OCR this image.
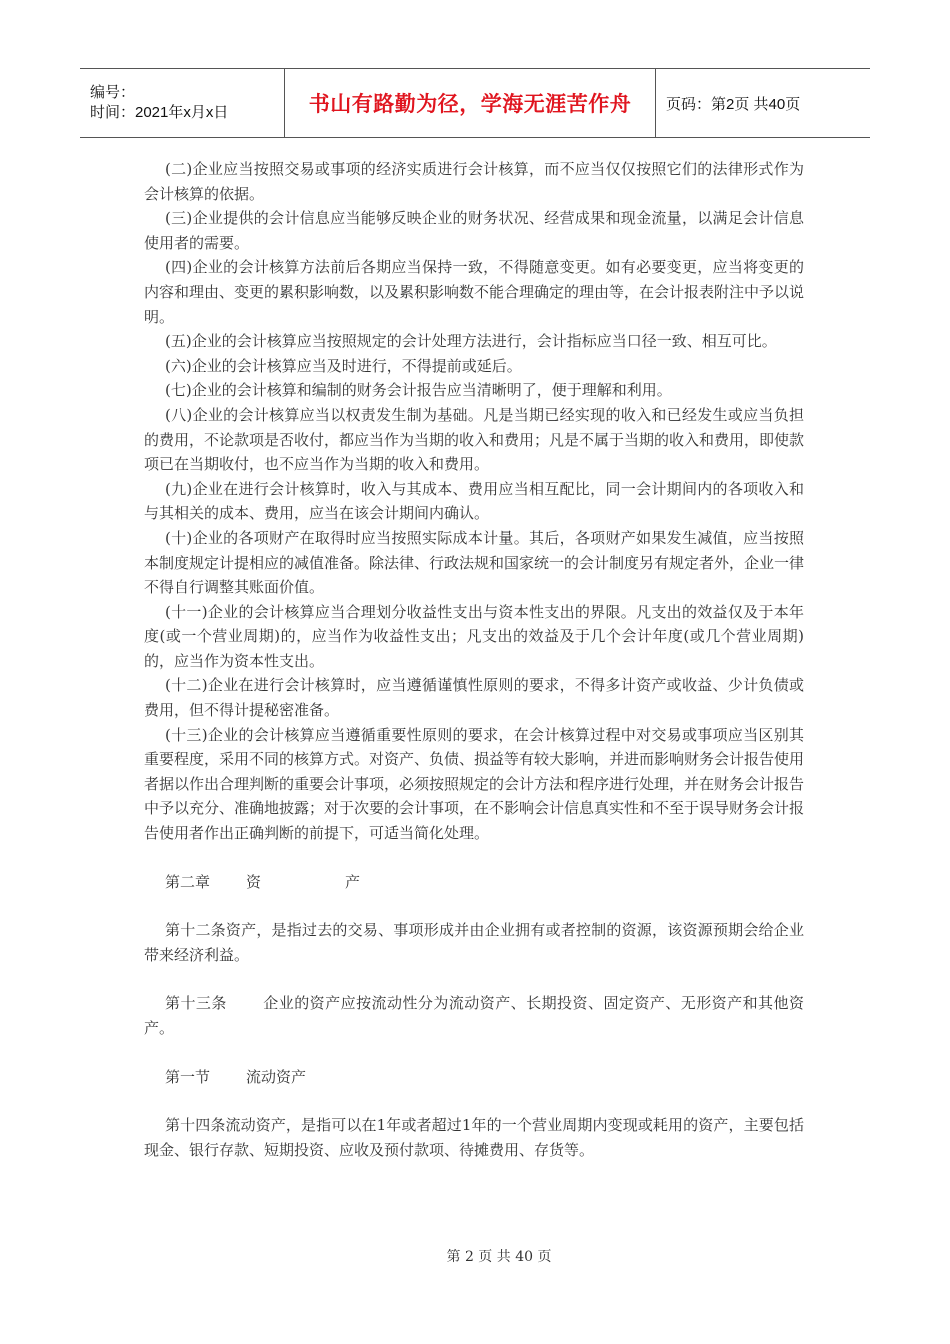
编号：
时间：2021年x月x日	书山有路勤为径，学海无涯苦作舟 页码：第2页 共40页

(二)企业应当按照交易或事项的经济实质进行会计核算，而不应当仅仅按照它们的法律形式作为会计核算的依据。

(三)企业提供的会计信息应当能够反映企业的财务状况、经营成果和现金流量，以满足会计信息使用者的需要。

(四)企业的会计核算方法前后各期应当保持一致，不得随意变更。如有必要变更，应当将变更的内容和理由、变更的累积影响数，以及累积影响数不能合理确定的理由等，在会计报表附注中予以说明。

(五)企业的会计核算应当按照规定的会计处理方法进行，会计指标应当口径一致、相互可比。

(六)企业的会计核算应当及时进行，不得提前或延后。

(七)企业的会计核算和编制的财务会计报告应当清晰明了，便于理解和利用。

(八)企业的会计核算应当以权责发生制为基础。凡是当期已经实现的收入和已经发生或应当负担的费用，不论款项是否收付，都应当作为当期的收入和费用；凡是不属于当期的收入和费用，即使款项已在当期收付，也不应当作为当期的收入和费用。

(九)企业在进行会计核算时，收入与其成本、费用应当相互配比，同一会计期间内的各项收入和与其相关的成本、费用，应当在该会计期间内确认。

(十)企业的各项财产在取得时应当按照实际成本计量。其后，各项财产如果发生减值，应当按照本制度规定计提相应的减值准备。除法律、行政法规和国家统一的会计制度另有规定者外，企业一律不得自行调整其账面价值。

(十一)企业的会计核算应当合理划分收益性支出与资本性支出的界限。凡支出的效益仅及于本年度(或一个营业周期)的，应当作为收益性支出；凡支出的效益及于几个会计年度(或几个营业周期)的，应当作为资本性支出。

(十二)企业在进行会计核算时，应当遵循谨慎性原则的要求，不得多计资产或收益、少计负债或费用，但不得计提秘密准备。

(十三)企业的会计核算应当遵循重要性原则的要求，在会计核算过程中对交易或事项应当区别其重要程度，采用不同的核算方式。对资产、负债、损益等有较大影响，并进而影响财务会计报告使用者据以作出合理判断的重要会计事项，必须按照规定的会计方法和程序进行处理，并在财务会计报告中予以充分、准确地披露；对于次要的会计事项，在不影响会计信息真实性和不至于误导财务会计报告使用者作出正确判断的前提下，可适当简化处理。

第二章 资	产

第十二条资产，是指过去的交易、事项形成并由企业拥有或者控制的资源，该资源预期会给企业带来经济利益。

第十三条 企业的资产应按流动性分为流动资产、长期投资、固定资产、无形资产和其他资产。

第一节 流动资产

第十四条流动资产，是指可以在1年或者超过1年的一个营业周期内变现或耗用的资产，主要包括现金、银行存款、短期投资、应收及预付款项、待摊费用、存货等。

第 2 页 共 40 页
